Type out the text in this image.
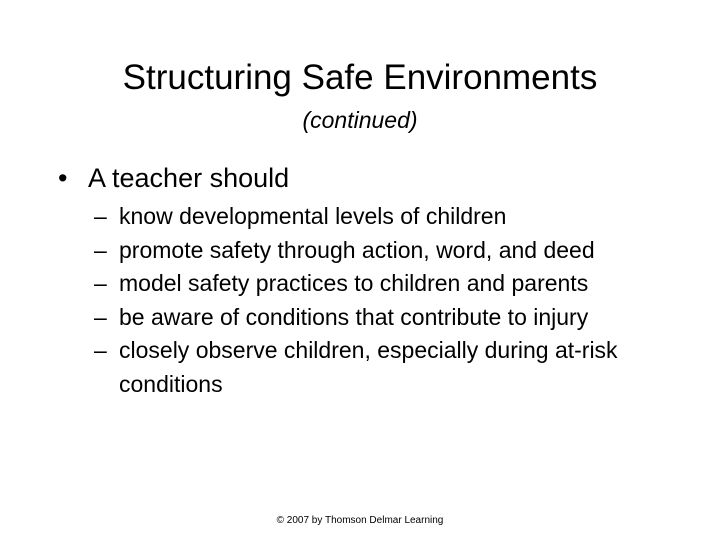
Structuring Safe Environments
(continued)
• A teacher should
– know developmental levels of children
– promote safety through action, word, and deed
– model safety practices to children and parents
– be aware of conditions that contribute to injury
– closely observe children, especially during at-risk conditions
© 2007 by Thomson Delmar Learning
